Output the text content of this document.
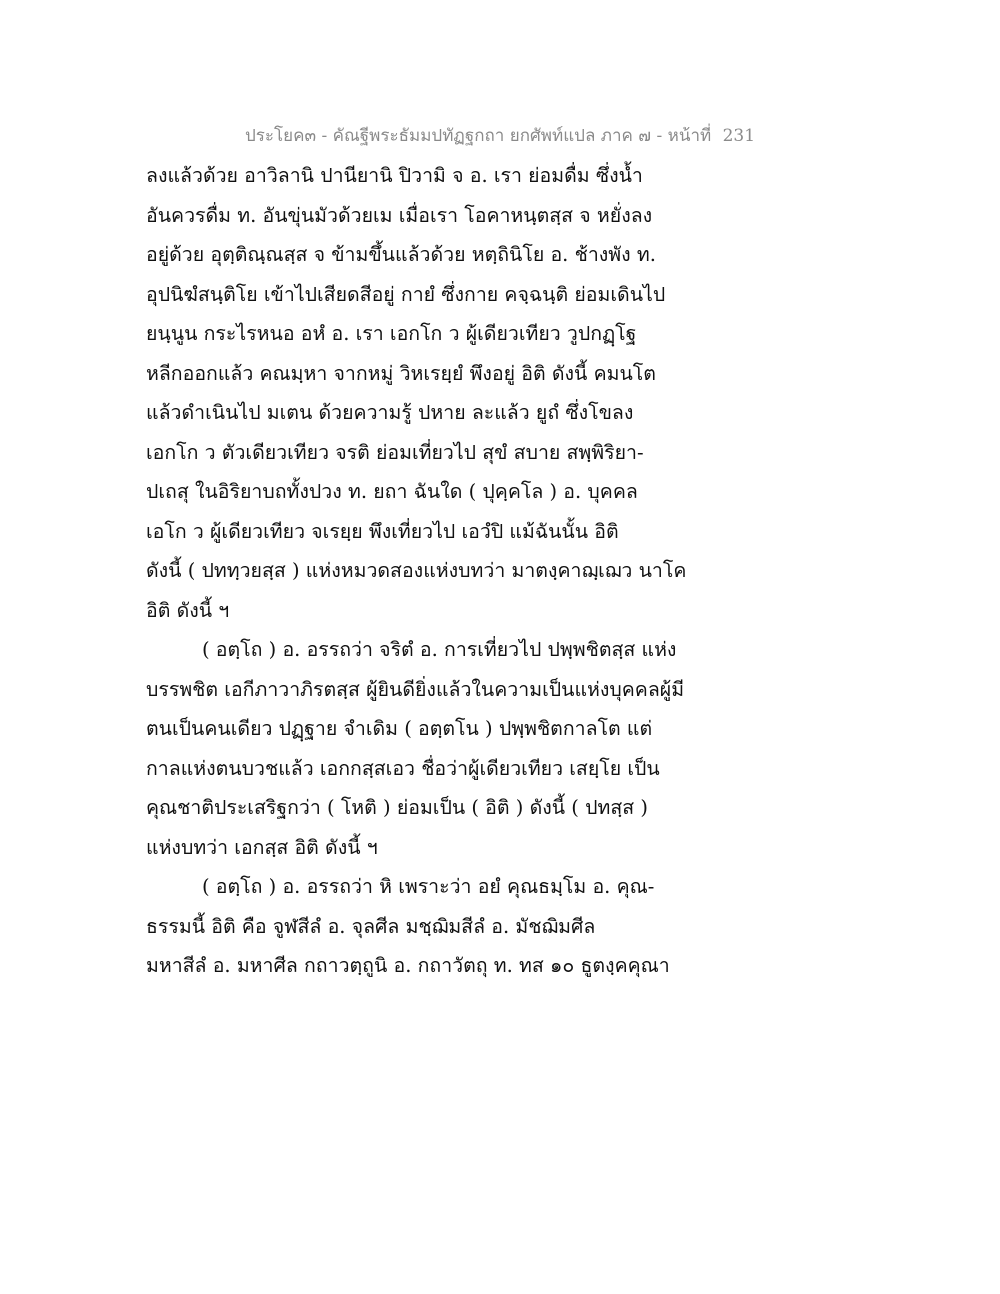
ประโยค๓ - คัณฐีพระธัมมปทัฏฐกถา ยกศัพท์แปล ภาค ๗ - หน้าที่ 231
ลงแล้วด้วย อาวิลานิ ปานียานิ ปิวามิ จ อ. เรา ย่อมดื่ม ซึ่งน้ำ
อันควรดื่ม ท. อันขุ่นมัวด้วยเม เมื่อเรา โอคาหนฺตสฺส จ หยั่งลง
อยู่ด้วย อุตฺติณฺณสฺส จ ข้ามขึ้นแล้วด้วย หตฺถินิโย อ. ช้างพัง ท.
อุปนิฆํสนฺติโย เข้าไปเสียดสีอยู่ กายํ ซึ่งกาย คจฺฉนฺติ ย่อมเดินไป
ยนฺนูน กระไรหนอ อหํ อ. เรา เอกโก ว ผู้เดียวเทียว วูปกฏฺโฐ
หลีกออกแล้ว คณมฺหา จากหมู่ วิหเรยฺยํ พึงอยู่ อิติ ดังนี้ คมนโต
แล้วดำเนินไป มเตน ด้วยความรู้ ปหาย ละแล้ว ยูถํ ซึ่งโขลง
เอกโก ว ตัวเดียวเทียว จรติ ย่อมเที่ยวไป สุขํ สบาย สพฺพิริยา-
ปเถสุ ในอิริยาบถทั้งปวง ท. ยถา ฉันใด ( ปุคฺคโล ) อ. บุคคล
เอโก ว ผู้เดียวเทียว จเรยฺย พึงเที่ยวไป เอวํปิ แม้ฉันนั้น อิติ
ดังนี้ ( ปททฺวยสฺส ) แห่งหมวดสองแห่งบทว่า มาตงฺคาฌฺเฌว นาโค
อิติ ดังนี้ ฯ
( อตฺโถ ) อ. อรรถว่า จริตํ อ. การเที่ยวไป ปพฺพชิตสฺส แห่ง
บรรพชิต เอกีภาวาภิรตสฺส ผู้ยินดียิ่งแล้วในความเป็นแห่งบุคคลผู้มี
ตนเป็นคนเดียว ปฏฺฐาย จำเดิม ( อตฺตโน ) ปพฺพชิตกาลโต แต่
กาลแห่งตนบวชแล้ว เอกกสฺสเอว ชื่อว่าผู้เดียวเทียว เสยฺโย เป็น
คุณชาติประเสริฐกว่า ( โหติ ) ย่อมเป็น ( อิติ ) ดังนี้ ( ปทสฺส )
แห่งบทว่า เอกสฺส อิติ ดังนี้ ฯ
( อตฺโถ ) อ. อรรถว่า หิ เพราะว่า อยํ คุณธมฺโม อ. คุณ-
ธรรมนี้ อิติ คือ จูฬสีลํ อ. จุลศีล มชฺฌิมสีลํ อ. มัชฌิมศีล
มหาสีลํ อ. มหาศีล กถาวตฺถูนิ อ. กถาวัตถุ ท. ทส ๑๐ ธูตงฺคคุณา
